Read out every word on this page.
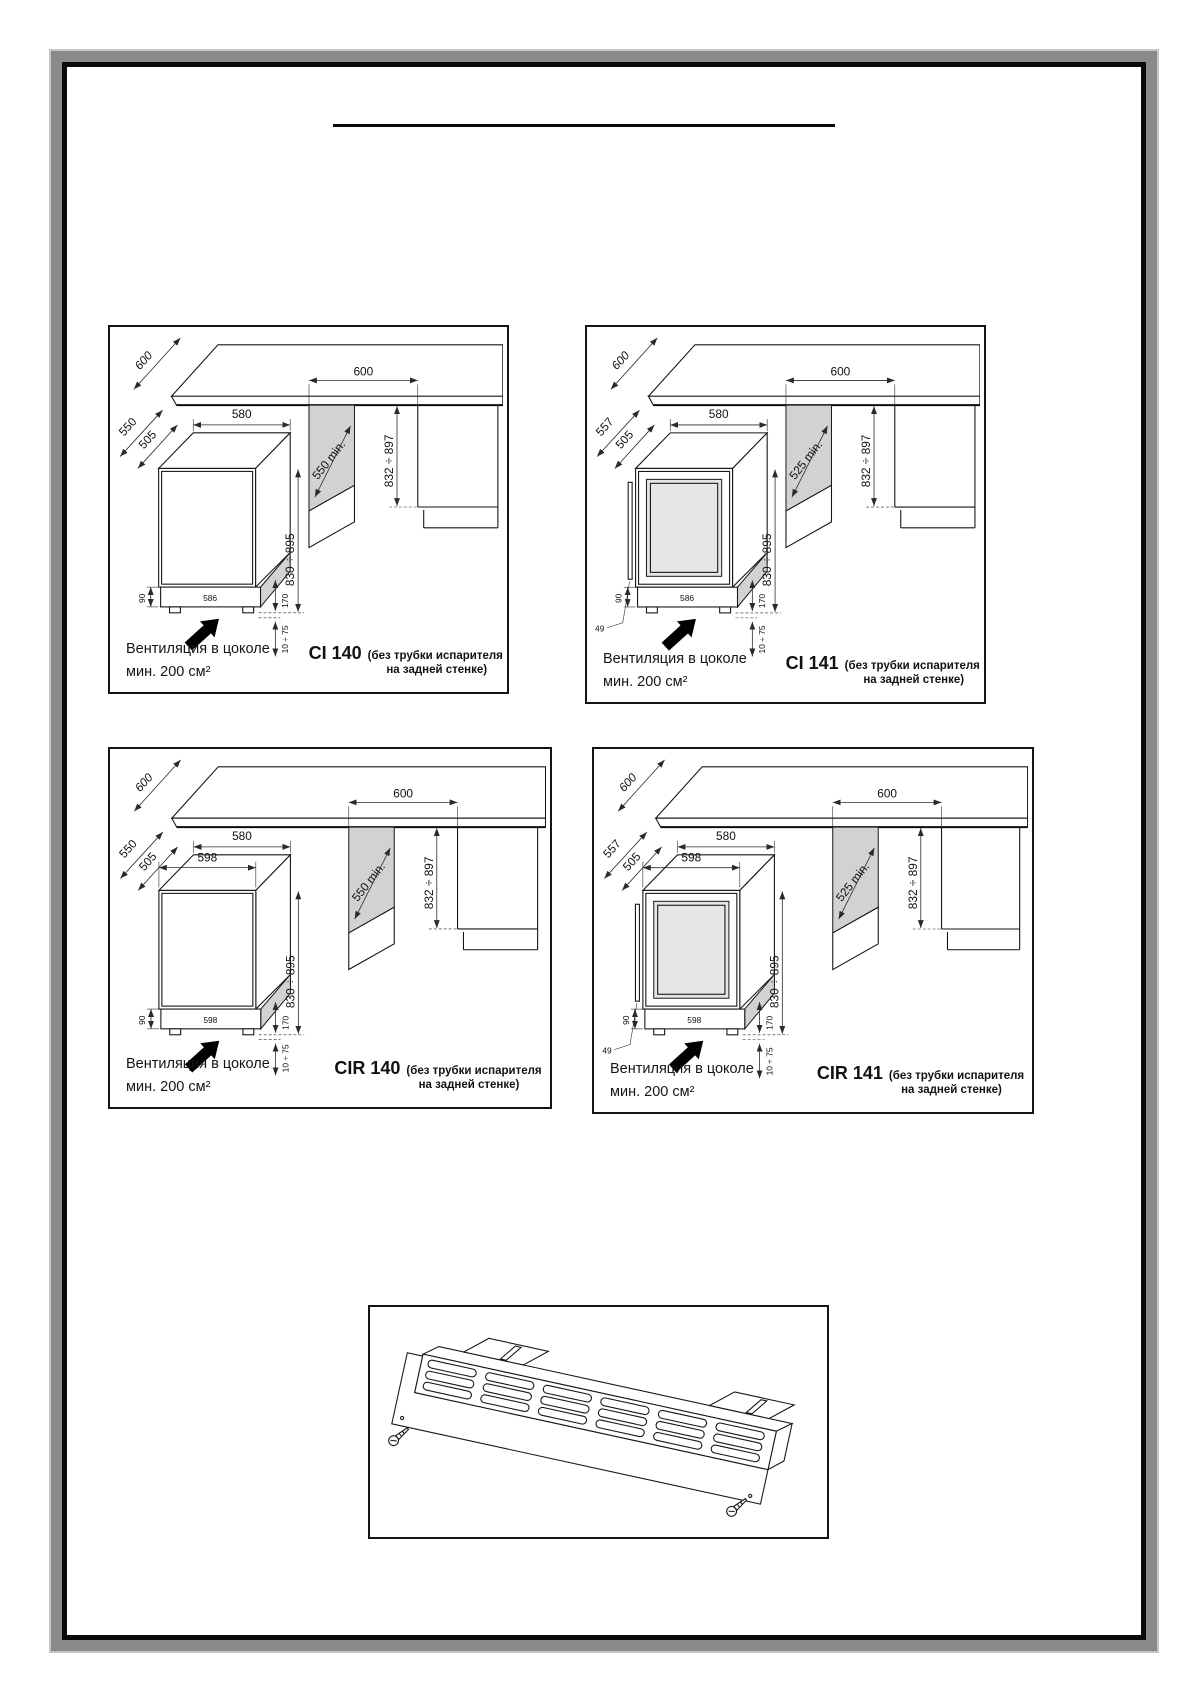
600	600
550 min.	832 ÷ 897
586
580
550
505
830 ÷ 895
90	170
10 ÷ 75
Вентиляция в цоколе
мин. 200 см²
CI 140 (без трубки испарителя
на задней стенке)
600	600
525 min.	832 ÷ 897
586
580
557
505
830 ÷ 895
90	170
10 ÷ 75
49
Вентиляция в цоколе
мин. 200 см²
CI 141 (без трубки испарителя
на задней стенке)
600	600
550 min.	832 ÷ 897
598
580
598
550
505
830 ÷ 895
90	170
10 ÷ 75
Вентиляция в цоколе
мин. 200 см²
CIR 140 (без трубки испарителя
на задней стенке)
600	600
525 min.	832 ÷ 897
598
580
598
557
505
830 ÷ 895
90	170
10 ÷ 75
49
Вентиляция в цоколе
мин. 200 см²
CIR 141 (без трубки испарителя
на задней стенке)
